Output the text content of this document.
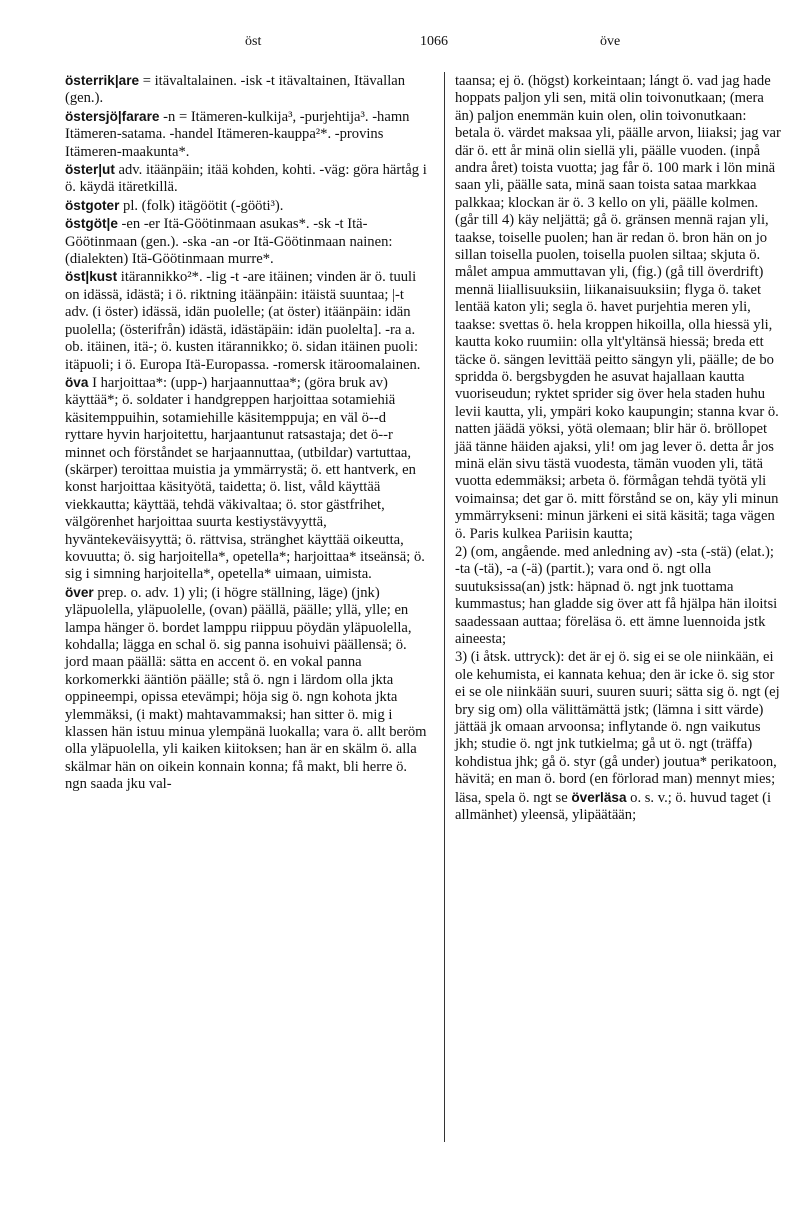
öst	1066	öve

österrik|are = itävaltalainen. -isk -t itävaltainen, Itävallan (gen.).

östersjö|farare -n = Itämeren-kulkija³, -purjehtija³. -hamn Itämeren-satama. -handel Itämeren-kauppa²*. -provins Itämeren-maakunta*.

öster|ut adv. itäänpäin; itää kohden, kohti. -väg: göra härtåg i ö. käydä itäretkillä.

östgoter pl. (folk) itägöötit (-gööti³).

östgöt|e -en -er Itä-Göötinmaan asukas*. -sk -t Itä-Göötinmaan (gen.). -ska -an -or Itä-Göötinmaan nainen: (dialekten) Itä-Göötinmaan murre*.

öst|kust itärannikko²*. -lig -t -are itäinen; vinden är ö. tuuli on idässä, idästä; i ö. riktning itäänpäin: itäistä suuntaa; |-t adv. (i öster) idässä, idän puolelle; (at öster) itäänpäin: idän puolella; (österifrån) idästä, idästäpäin: idän puolelta]. -ra a. ob. itäinen, itä-; ö. kusten itärannikko; ö. sidan itäinen puoli: itäpuoli; i ö. Europa Itä-Europassa. -romersk itäroomalainen.

öva I harjoittaa*: (upp-) harjaannuttaa*; (göra bruk av) käyttää*; ö. soldater i handgreppen harjoittaa sotamiehiä käsitemppuihin, sotamiehille käsitemppuja; en väl ö--d ryttare hyvin harjoitettu, harjaantunut ratsastaja; det ö--r minnet och förståndet se harjaannuttaa, (utbildar) vartuttaa, (skärper) teroittaa muistia ja ymmärrystä; ö. ett hantverk, en konst harjoittaa käsityötä, taidetta; ö. list, våld käyttää viekkautta; käyttää, tehdä väkivaltaa; ö. stor gästfrihet, välgörenhet harjoittaa suurta kestiystävyyttä, hyväntekeväisyyttä; ö. rättvisa, stränghet käyttää oikeutta, kovuutta; ö. sig harjoitella*, opetella*; harjoittaa* itseänsä; ö. sig i simning harjoitella*, opetella* uimaan, uimista.

över prep. o. adv. 1) yli; (i högre ställning, läge) (jnk) yläpuolella, yläpuolelle, (ovan) päällä, päälle; yllä, ylle; en lampa hänger ö. bordet lamppu riippuu pöydän yläpuolella, kohdalla; lägga en schal ö. sig panna isohuivi päällensä; ö. jord maan päällä: sätta en accent ö. en vokal panna korkomerkki ääntiön päälle; stå ö. ngn i lärdom olla jkta oppineempi, opissa etevämpi; höja sig ö. ngn kohota jkta ylemmäksi, (i makt) mahtavammaksi; han sitter ö. mig i klassen hän istuu minua ylempänä luokalla; vara ö. allt beröm olla yläpuolella, yli kaiken kiitoksen; han är en skälm ö. alla skälmar hän on oikein konnain konna; få makt, bli herre ö. ngn saada jku val-

taansa; ej ö. (högst) korkeintaan; lángt ö. vad jag hade hoppats paljon yli sen, mitä olin toivonutkaan; (mera än) paljon enemmän kuin olen, olin toivonutkaan: betala ö. värdet maksaa yli, päälle arvon, liiaksi; jag var där ö. ett år minä olin siellä yli, päälle vuoden. (inpå andra året) toista vuotta; jag får ö. 100 mark i lön minä saan yli, päälle sata, minä saan toista sataa markkaa palkkaa; klockan är ö. 3 kello on yli, päälle kolmen. (går till 4) käy neljättä; gå ö. gränsen mennä rajan yli, taakse, toiselle puolen; han är redan ö. bron hän on jo sillan toisella puolen, toisella puolen siltaa; skjuta ö. målet ampua ammuttavan yli, (fig.) (gå till överdrift) mennä liiallisuuksiin, liikanaisuuksiin; flyga ö. taket lentää katon yli; segla ö. havet purjehtia meren yli, taakse: svettas ö. hela kroppen hikoilla, olla hiessä yli, kautta koko ruumiin: olla ylt'yltänsä hiessä; breda ett täcke ö. sängen levittää peitto sängyn yli, päälle; de bo spridda ö. bergsbygden he asuvat hajallaan kautta vuoriseudun; ryktet sprider sig över hela staden huhu levii kautta, yli, ympäri koko kaupungin; stanna kvar ö. natten jäädä yöksi, yötä olemaan; blir här ö. bröllopet jää tänne häiden ajaksi, yli! om jag lever ö. detta år jos minä elän sivu tästä vuodesta, tämän vuoden yli, tätä vuotta edemmäksi; arbeta ö. förmågan tehdä työtä yli voimainsa; det gar ö. mitt förstånd se on, käy yli minun ymmärrykseni: minun järkeni ei sitä käsitä; taga vägen ö. Paris kulkea Pariisin kautta;

2) (om, angående. med anledning av) -sta (-stä) (elat.); -ta (-tä), -a (-ä) (partit.); vara ond ö. ngt olla suutuksissa(an) jstk: häpnad ö. ngt jnk tuottama kummastus; han gladde sig över att få hjälpa hän iloitsi saadessaan auttaa; föreläsa ö. ett ämne luennoida jstk aineesta;

3) (i åtsk. uttryck): det är ej ö. sig ei se ole niinkään, ei ole kehumista, ei kannata kehua; den är icke ö. sig stor ei se ole niinkään suuri, suuren suuri; sätta sig ö. ngt (ej bry sig om) olla välittämättä jstk; (lämna i sitt värde) jättää jk omaan arvoonsa; inflytande ö. ngn vaikutus jkh; studie ö. ngt jnk tutkielma; gå ut ö. ngt (träffa) kohdistua jhk; gå ö. styr (gå under) joutua* perikatoon, hävitä; en man ö. bord (en förlorad man) mennyt mies; läsa, spela ö. ngt se överläsa o. s. v.; ö. huvud taget (i allmänhet) yleensä, ylipäätään;
